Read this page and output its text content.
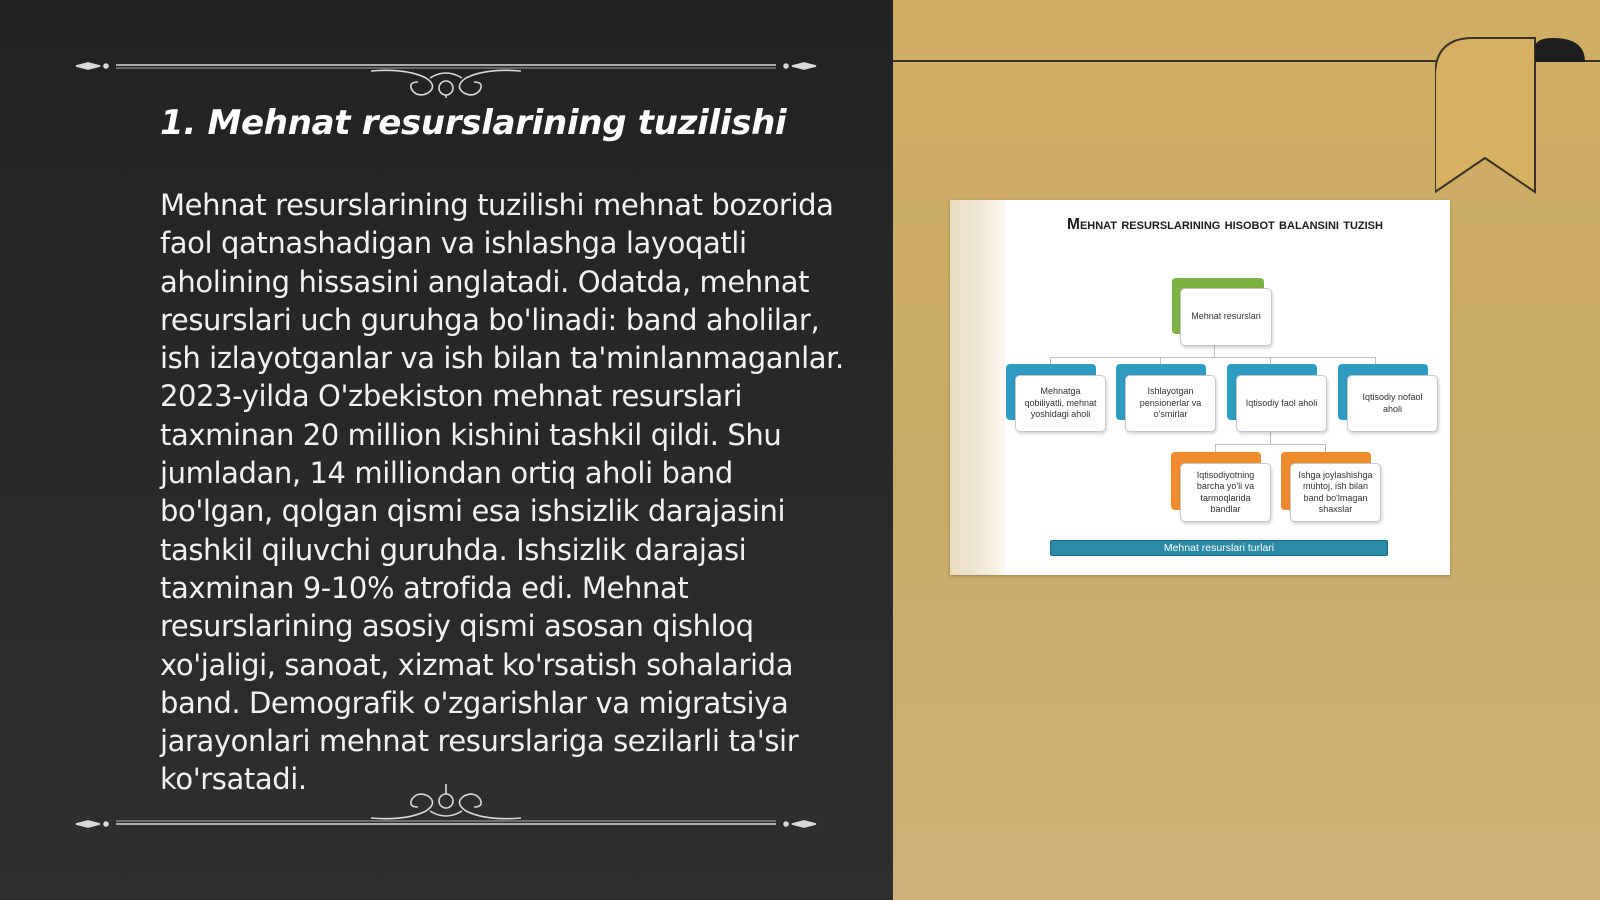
1. Mehnat resurslarining tuzilishi

Mehnat resurslarining tuzilishi mehnat bozorida faol qatnashadigan va ishlashga layoqatli aholining hissasini anglatadi. Odatda, mehnat resurslari uch guruhga bo'linadi: band aholilar, ish izlayotganlar va ish bilan ta'minlanmaganlar. 2023-yilda O'zbekiston mehnat resurslari taxminan 20 million kishini tashkil qildi. Shu jumladan, 14 milliondan ortiq aholi band bo'lgan, qolgan qismi esa ishsizlik darajasini tashkil qiluvchi guruhda. Ishsizlik darajasi taxminan 9-10% atrofida edi. Mehnat resurslarining asosiy qismi asosan qishloq xo'jaligi, sanoat, xizmat ko'rsatish sohalarida band. Demografik o'zgarishlar va migratsiya jarayonlari mehnat resurslariga sezilarli ta'sir ko'rsatadi.

Mehnat resurslarining hisobot balansini tuzish
Mehnat resurslari
Mehnatga qobiliyatli, mehnat yoshidagi aholi
Ishlayotgan pensionerlar va o'smirlar
Iqtisodiy faol aholi
Iqtisodiy nofaol aholi
Iqtisodiyotning barcha yo'li va tarmoqlarida bandlar
Ishga joylashishga muhtoj, ish bilan band bo'lmagan shaxslar
Mehnat resurslari turlari
